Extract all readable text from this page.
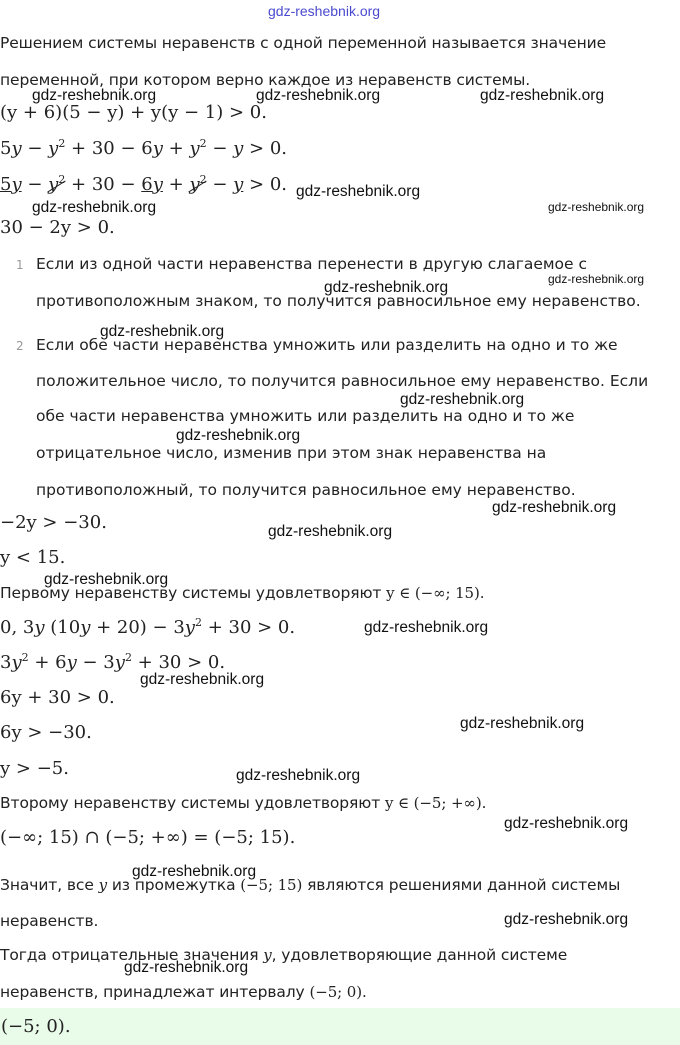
gdz-reshebnik.org
Решением системы неравенств с одной переменной называется значение
переменной, при котором верно каждое из неравенств системы.
gdz-reshebnik.org	gdz-reshebnik.org	gdz-reshebnik.org
(y + 6)(5 − y) + y(y − 1) > 0.
$5y - y^2 + 30 - 6y + y^2 - y > 0$.
$5y - y^2 + 30 - 6y + y^2 - y > 0$. gdz-reshebnik.org
gdz-reshebnik.org	gdz-reshebnik.org
30 − 2y > 0.
1 Если из одной части неравенства перенести в другую слагаемое с
gdz-reshebnik.org
gdz-reshebnik.org
противоположным знаком, то получится равносильное ему неравенство.
gdz-reshebnik.org
2 Если обе части неравенства умножить или разделить на одно и то же
положительное число, то получится равносильное ему неравенство. Если
gdz-reshebnik.org
обе части неравенства умножить или разделить на одно и то же
gdz-reshebnik.org
отрицательное число, изменив при этом знак неравенства на
противоположный, то получится равносильное ему неравенство.
gdz-reshebnik.org
−2y > −30.	gdz-reshebnik.org
y < 15.
gdz-reshebnik.org
Первому неравенству системы удовлетворяют y ∈ (−∞; 15).
0, 3y $(10y + 20) - 3y^2 + 30 > 0$.	gdz-reshebnik.org
$3y^2 + 6y - 3y^2 + 30 > 0$.
gdz-reshebnik.org
6y + 30 > 0.
gdz-reshebnik.org
6y > −30.
y > −5.	gdz-reshebnik.org
Второму неравенству системы удовлетворяют y ∈ (−5; +∞).
(−∞; 15) ∩ (−5; +∞) = (−5; 15).
gdz-reshebnik.org
gdz-reshebnik.org
Значит, все y из промежутка (−5; 15) являются решениями данной системы
неравенств.	gdz-reshebnik.org
Тогда отрицательные значения y, удовлетворяющие данной системе
gdz-reshebnik.org
неравенств, принадлежат интервалу (−5; 0).
(−5; 0).
